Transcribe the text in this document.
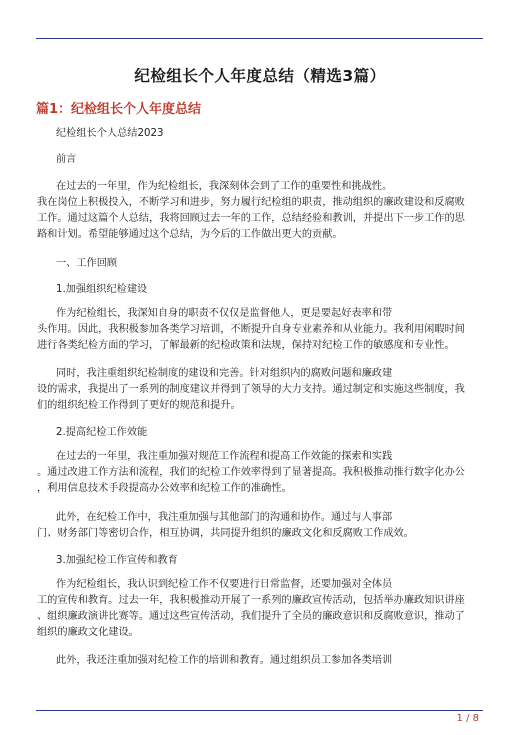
纪检组长个人年度总结（精选3篇）
篇1：纪检组长个人年度总结
纪检组长个人总结2023
前言
在过去的一年里，作为纪检组长，我深刻体会到了工作的重要性和挑战性。
我在岗位上积极投入，不断学习和进步，努力履行纪检组的职责，推动组织的廉政建设和反腐败
工作。通过这篇个人总结，我将回顾过去一年的工作，总结经验和教训，并提出下一步工作的思
路和计划。希望能够通过这个总结，为今后的工作做出更大的贡献。
一、工作回顾
1.加强组织纪检建设
作为纪检组长，我深知自身的职责不仅仅是监督他人，更是要起好表率和带
头作用。因此，我积极参加各类学习培训，不断提升自身专业素养和从业能力。我利用闲暇时间
进行各类纪检方面的学习，了解最新的纪检政策和法规，保持对纪检工作的敏感度和专业性。
同时，我注重组织纪检制度的建设和完善。针对组织内的腐败问题和廉政建
设的需求，我提出了一系列的制度建议并得到了领导的大力支持。通过制定和实施这些制度，我
们的组织纪检工作得到了更好的规范和提升。
2.提高纪检工作效能
在过去的一年里，我注重加强对规范工作流程和提高工作效能的探索和实践
。通过改进工作方法和流程，我们的纪检工作效率得到了显著提高。我积极推动推行数字化办公
，利用信息技术手段提高办公效率和纪检工作的准确性。
此外，在纪检工作中，我注重加强与其他部门的沟通和协作。通过与人事部
门、财务部门等密切合作，相互协调，共同提升组织的廉政文化和反腐败工作成效。
3.加强纪检工作宣传和教育
作为纪检组长，我认识到纪检工作不仅要进行日常监督，还要加强对全体员
工的宣传和教育。过去一年，我积极推动开展了一系列的廉政宣传活动，包括举办廉政知识讲座
、组织廉政演讲比赛等。通过这些宣传活动，我们提升了全员的廉政意识和反腐败意识，推动了
组织的廉政文化建设。
此外，我还注重加强对纪检工作的培训和教育。通过组织员工参加各类培训
1 / 8
